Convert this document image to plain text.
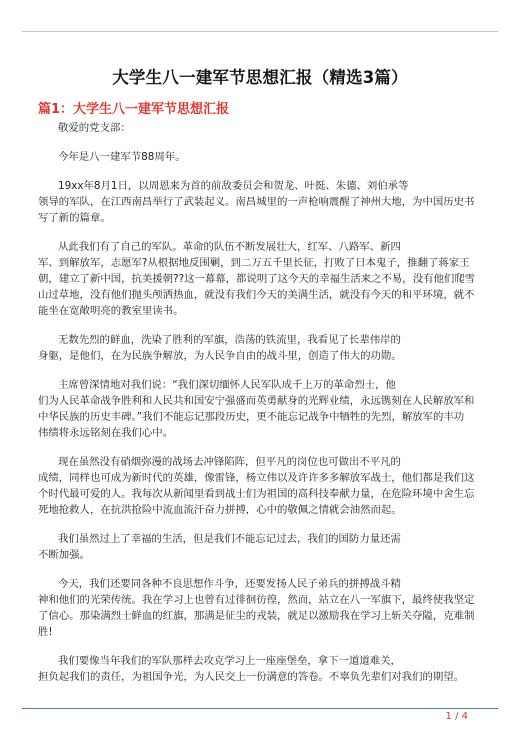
大学生八一建军节思想汇报（精选3篇）
篇1：大学生八一建军节思想汇报
敬爱的党支部：
今年是八一建军节88周年。
19xx年8月1日，以周恩来为首的前敌委员会和贺龙、叶挺、朱德、刘伯承等
领导的军队，在江西南昌举行了武装起义。南昌城里的一声枪响震醒了神州大地，为中国历史书
写了新的篇章。
从此我们有了自己的军队。革命的队伍不断发展壮大，红军、八路军、新四
军、到解放军，志愿军?从根据地反围剿，到二万五千里长征，打败了日本鬼子，推翻了蒋家王
朝，建立了新中国，抗美援朝??这一幕幕，都说明了这今天的幸福生活来之不易，没有他们爬雪
山过草地，没有他们抛头颅洒热血，就没有我们今天的美满生活，就没有今天的和平环境，就不
能坐在宽敞明亮的教室里读书。
无数先烈的鲜血，洗染了胜利的军旗，浩荡的铁流里，我看见了长辈伟岸的
身躯，是他们，在为民族争解放，为人民争自由的战斗里，创造了伟大的功勋。
主席曾深情地对我们说：“我们深切缅怀人民军队成千上万的革命烈士，他
们为人民革命战争胜利和人民共和国安宁强盛而英勇献身的光辉业绩，永远镌刻在人民解放军和
中华民族的历史丰碑。”我们不能忘记那段历史，更不能忘记战争中牺牲的先烈，解放军的丰功
伟绩将永远铭刻在我们心中。
现在虽然没有硝烟弥漫的战场去冲锋陷阵，但平凡的岗位也可做出不平凡的
成绩，同样也可成为新时代的英雄，像雷锋，杨立伟以及许许多多解放军战士，他们都是我们这
个时代最可爱的人。我每次从新闻里看到战士们为祖国的高科技奉献力量，在危险环境中舍生忘
死地抢救人，在抗洪抢险中流血流汗奋力拼搏，心中的敬佩之情就会油然而起。
我们虽然过上了幸福的生活，但是我们不能忘记过去，我们的国防力量还需
不断加强。
今天，我们还要同各种不良思想作斗争，还要发扬人民子弟兵的拼搏战斗精
神和他们的光荣传统。我在学习上也曾有过徘徊彷徨，然而，站立在八一军旗下，最终使我坚定
了信心。那染满烈士鲜血的红旗，那满是征尘的戎装，就足以激励我在学习上斩关夺隘，克难制
胜!
我们要像当年我们的军队那样去攻克学习上一座座堡垒，拿下一道道难关，
担负起我们的责任，为祖国争光，为人民交上一份满意的答卷。不辜负先辈们对我们的期望。
1 / 4
